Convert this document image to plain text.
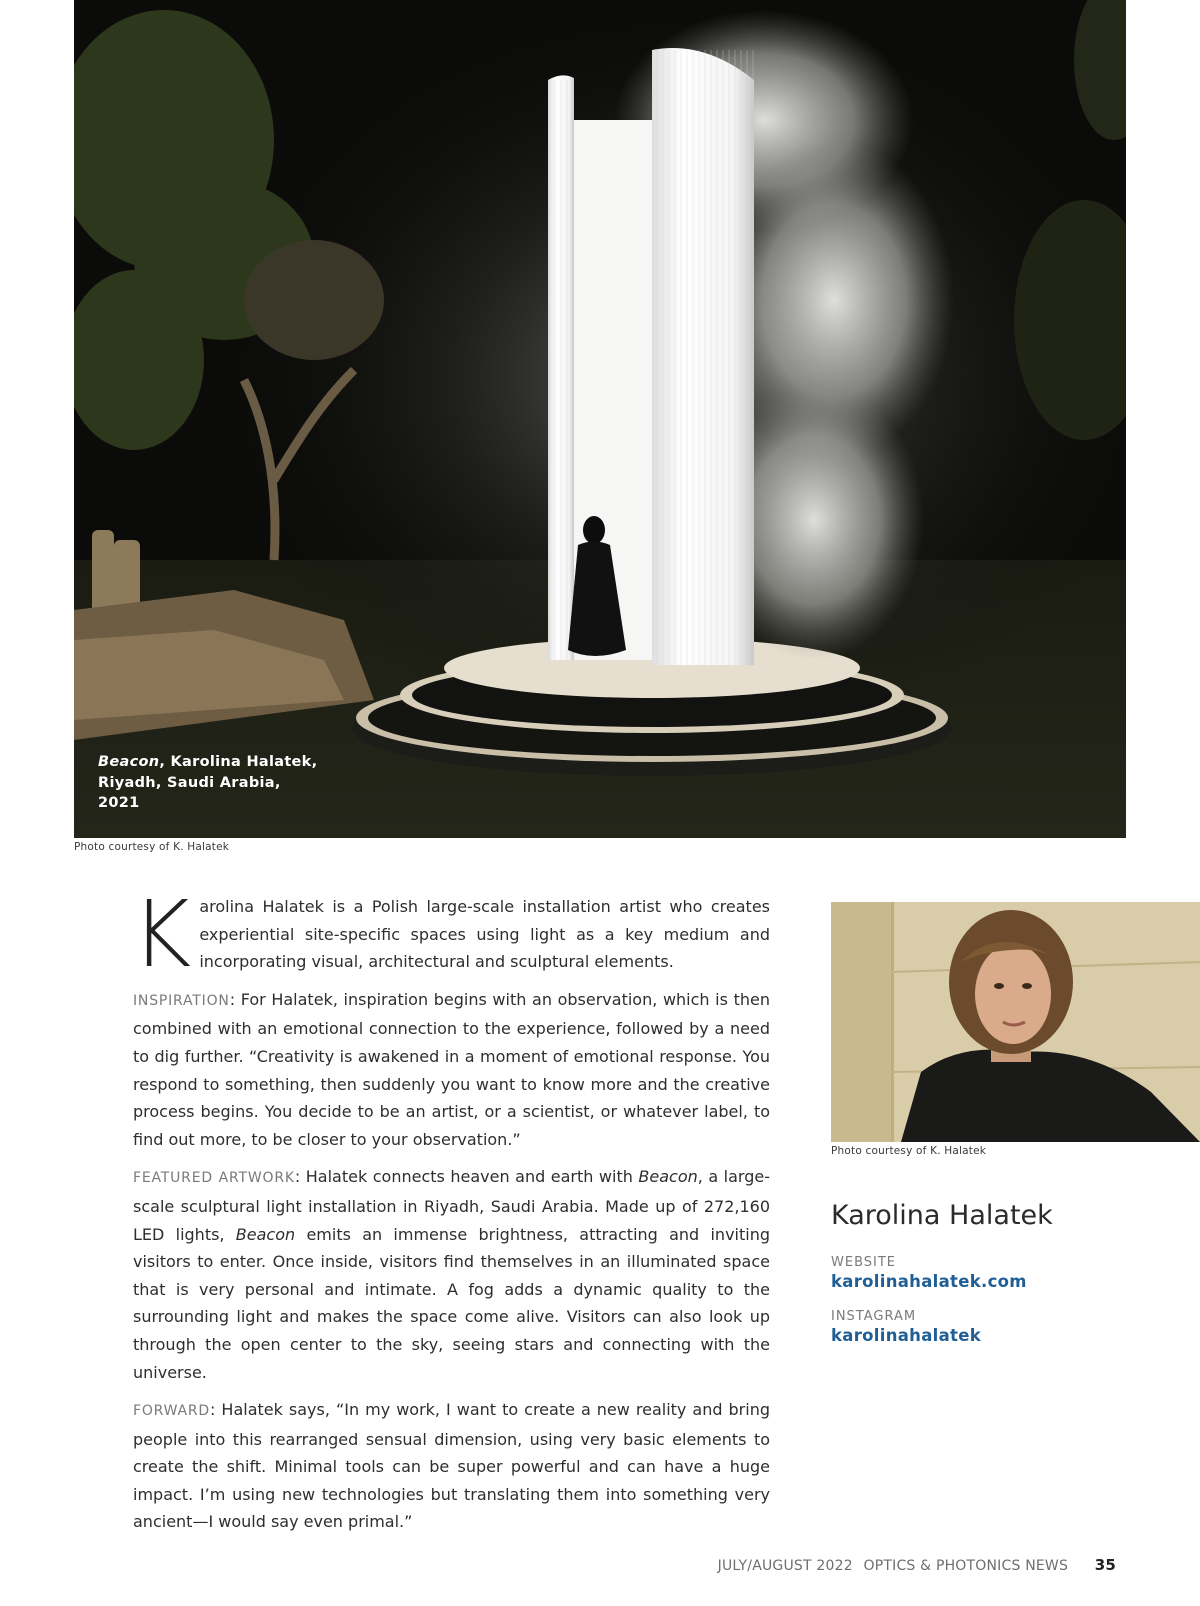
Beacon, Karolina Halatek,
Riyadh, Saudi Arabia,
2021
Photo courtesy of K. Halatek

Karolina Halatek is a Polish large-scale installation artist who creates experiential site-specific spaces using light as a key medium and incorporating visual, architectural and sculptural elements.

INSPIRATION: For Halatek, inspiration begins with an observation, which is then combined with an emotional connection to the experience, followed by a need to dig further. “Creativity is awakened in a moment of emotional response. You respond to something, then suddenly you want to know more and the creative process begins. You decide to be an artist, or a scientist, or whatever label, to find out more, to be closer to your observation.”

FEATURED ARTWORK: Halatek connects heaven and earth with Beacon, a large-scale sculptural light installation in Riyadh, Saudi Arabia. Made up of 272,160 LED lights, Beacon emits an immense brightness, attracting and inviting visitors to enter. Once inside, visitors find themselves in an illuminated space that is very personal and intimate. A fog adds a dynamic quality to the surrounding light and makes the space come alive. Visitors can also look up through the open center to the sky, seeing stars and connecting with the universe.

FORWARD: Halatek says, “In my work, I want to create a new reality and bring people into this rearranged sensual dimension, using very basic elements to create the shift. Minimal tools can be super powerful and can have a huge impact. I’m using new technologies but translating them into something very ancient—I would say even primal.”

Photo courtesy of K. Halatek
Karolina Halatek
WEBSITE
karolinahalatek.com
INSTAGRAM
karolinahalatek
JULY/AUGUST 2022 OPTICS & PHOTONICS NEWS 35
